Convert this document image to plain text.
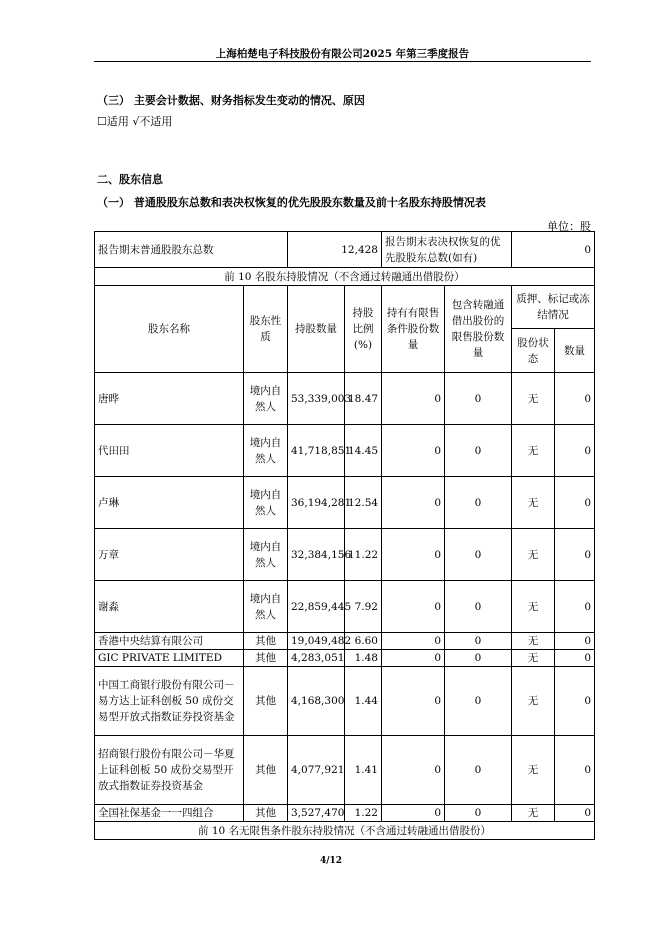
上海柏楚电子科技股份有限公司2025 年第三季度报告
（三） 主要会计数据、财务指标发生变动的情况、原因
☐适用 √不适用
二、股东信息
（一） 普通股股东总数和表决权恢复的优先股股东数量及前十名股东持股情况表
单位：股
报告期末普通股股东总数		12,428		报告期末表决权恢复的优先股股东总数(如有)		0	
前 10 名股东持股情况（不含通过转融通出借股份）							
股东名称	股东性质	持股数量	持股比例(%)	持有有限售条件股份数量	包含转融通借出股份的限售股份数量	质押、标记或冻结情况	
						股份状态	数量
唐晔	境内自然人	53,339,003	18.47	0	0	无	0
代田田	境内自然人	41,718,851	14.45	0	0	无	0
卢琳	境内自然人	36,194,281	12.54	0	0	无	0
万章	境内自然人	32,384,156	11.22	0	0	无	0
谢淼	境内自然人	22,859,445	7.92	0	0	无	0
香港中央结算有限公司	其他	19,049,482	6.60	0	0	无	0
GIC PRIVATE LIMITED	其他	4,283,051	1.48	0	0	无	0
中国工商银行股份有限公司－易方达上证科创板 50 成份交易型开放式指数证券投资基金	其他	4,168,300	1.44	0	0	无	0
招商银行股份有限公司－华夏上证科创板 50 成份交易型开放式指数证券投资基金	其他	4,077,921	1.41	0	0	无	0
全国社保基金一一四组合	其他	3,527,470	1.22	0	0	无	0
前 10 名无限售条件股东持股情况（不含通过转融通出借股份）							
4/12
